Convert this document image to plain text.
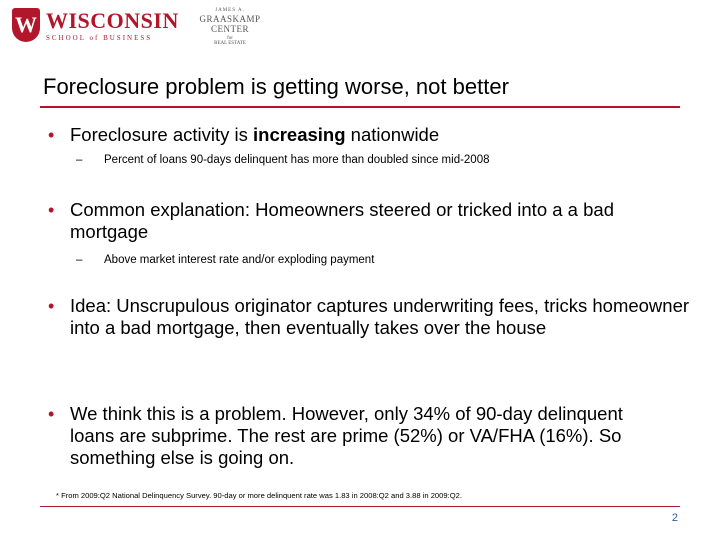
W WISCONSIN
SCHOOL of BUSINESS
JAMES A.
GRAASKAMP CENTER
for
REAL ESTATE
Foreclosure problem is getting worse, not better
• Foreclosure activity is increasing nationwide
– Percent of loans 90-days delinquent has more than doubled since mid-2008
• Common explanation: Homeowners steered or tricked into a a bad mortgage
– Above market interest rate and/or exploding payment
• Idea: Unscrupulous originator captures underwriting fees, tricks homeowner into a bad mortgage, then eventually takes over the house
• We think this is a problem. However, only 34% of 90-day delinquent loans are subprime. The rest are prime (52%) or VA/FHA (16%). So something else is going on.
* From 2009:Q2 National Delinquency Survey. 90-day or more delinquent rate was 1.83 in 2008:Q2 and 3.88 in 2009:Q2.
2
